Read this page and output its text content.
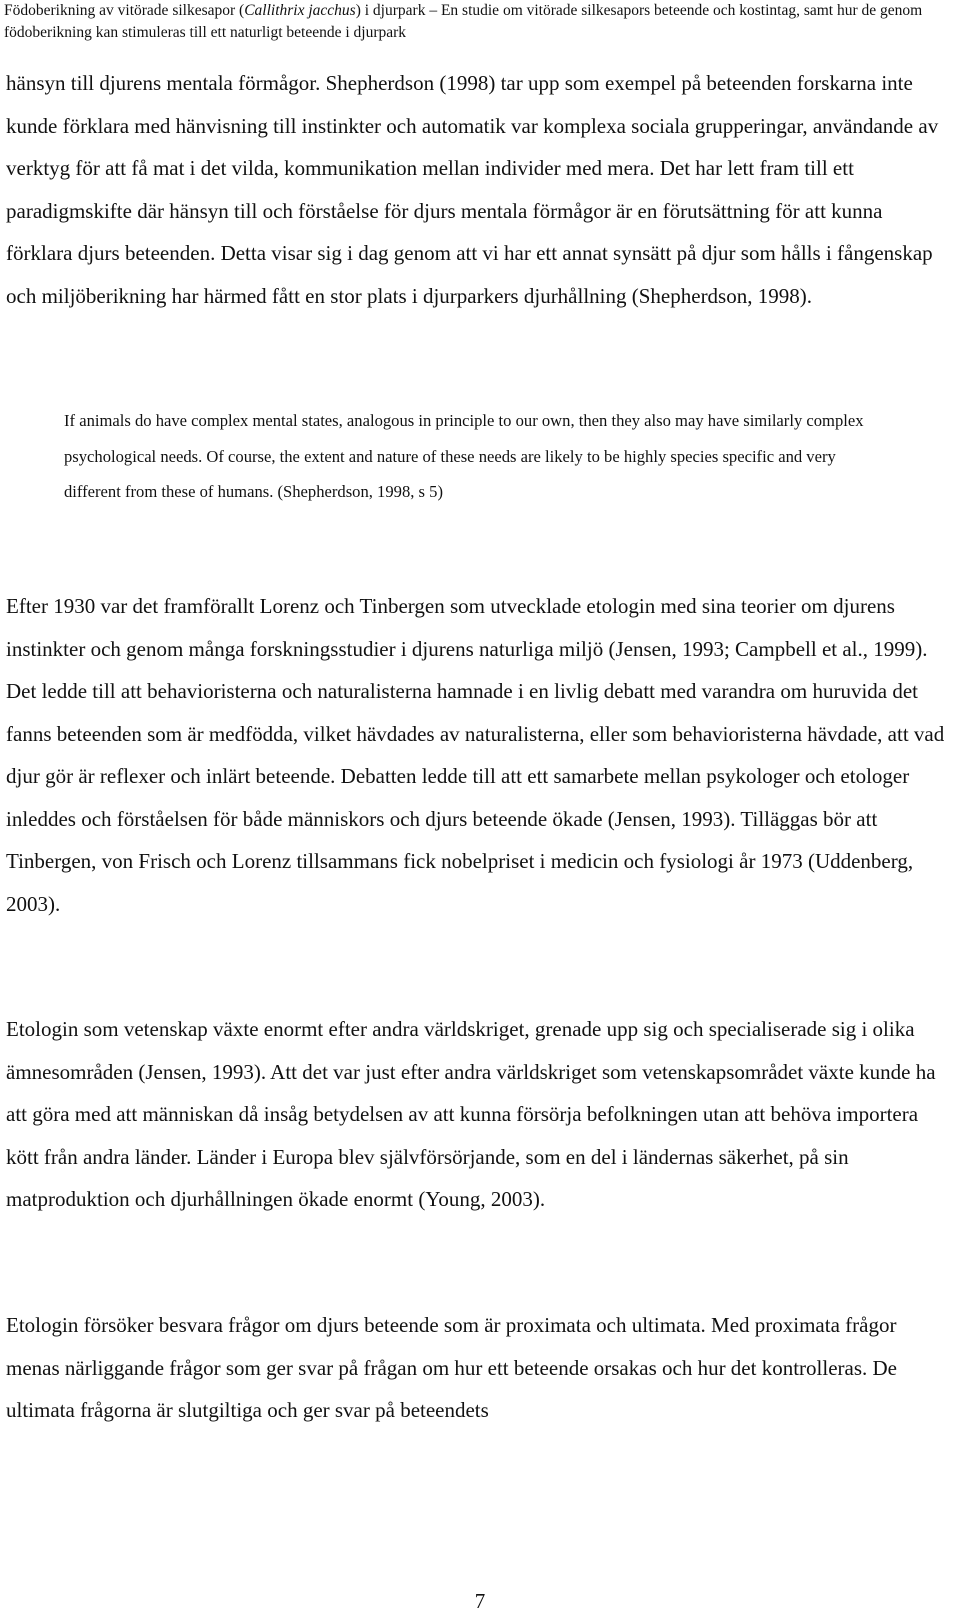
Födoberikning av vitörade silkesapor (Callithrix jacchus) i djurpark – En studie om vitörade silkesapors beteende och kostintag, samt hur de genom födoberikning kan stimuleras till ett naturligt beteende i djurpark

hänsyn till djurens mentala förmågor. Shepherdson (1998) tar upp som exempel på beteenden forskarna inte kunde förklara med hänvisning till instinkter och automatik var komplexa sociala grupperingar, användande av verktyg för att få mat i det vilda, kommunikation mellan individer med mera. Det har lett fram till ett paradigmskifte där hänsyn till och förståelse för djurs mentala förmågor är en förutsättning för att kunna förklara djurs beteenden. Detta visar sig i dag genom att vi har ett annat synsätt på djur som hålls i fångenskap och miljöberikning har härmed fått en stor plats i djurparkers djurhållning (Shepherdson, 1998).

If animals do have complex mental states, analogous in principle to our own, then they also may have similarly complex psychological needs. Of course, the extent and nature of these needs are likely to be highly species specific and very different from these of humans. (Shepherdson, 1998, s 5)

Efter 1930 var det framförallt Lorenz och Tinbergen som utvecklade etologin med sina teorier om djurens instinkter och genom många forskningsstudier i djurens naturliga miljö (Jensen, 1993; Campbell et al., 1999). Det ledde till att behavioristerna och naturalisterna hamnade i en livlig debatt med varandra om huruvida det fanns beteenden som är medfödda, vilket hävdades av naturalisterna, eller som behavioristerna hävdade, att vad djur gör är reflexer och inlärt beteende. Debatten ledde till att ett samarbete mellan psykologer och etologer inleddes och förståelsen för både människors och djurs beteende ökade (Jensen, 1993). Tilläggas bör att Tinbergen, von Frisch och Lorenz tillsammans fick nobelpriset i medicin och fysiologi år 1973 (Uddenberg, 2003).

Etologin som vetenskap växte enormt efter andra världskriget, grenade upp sig och specialiserade sig i olika ämnesområden (Jensen, 1993). Att det var just efter andra världskriget som vetenskapsområdet växte kunde ha att göra med att människan då insåg betydelsen av att kunna försörja befolkningen utan att behöva importera kött från andra länder. Länder i Europa blev självförsörjande, som en del i ländernas säkerhet, på sin matproduktion och djurhållningen ökade enormt (Young, 2003).

Etologin försöker besvara frågor om djurs beteende som är proximata och ultimata. Med proximata frågor menas närliggande frågor som ger svar på frågan om hur ett beteende orsakas och hur det kontrolleras. De ultimata frågorna är slutgiltiga och ger svar på beteendets

7
